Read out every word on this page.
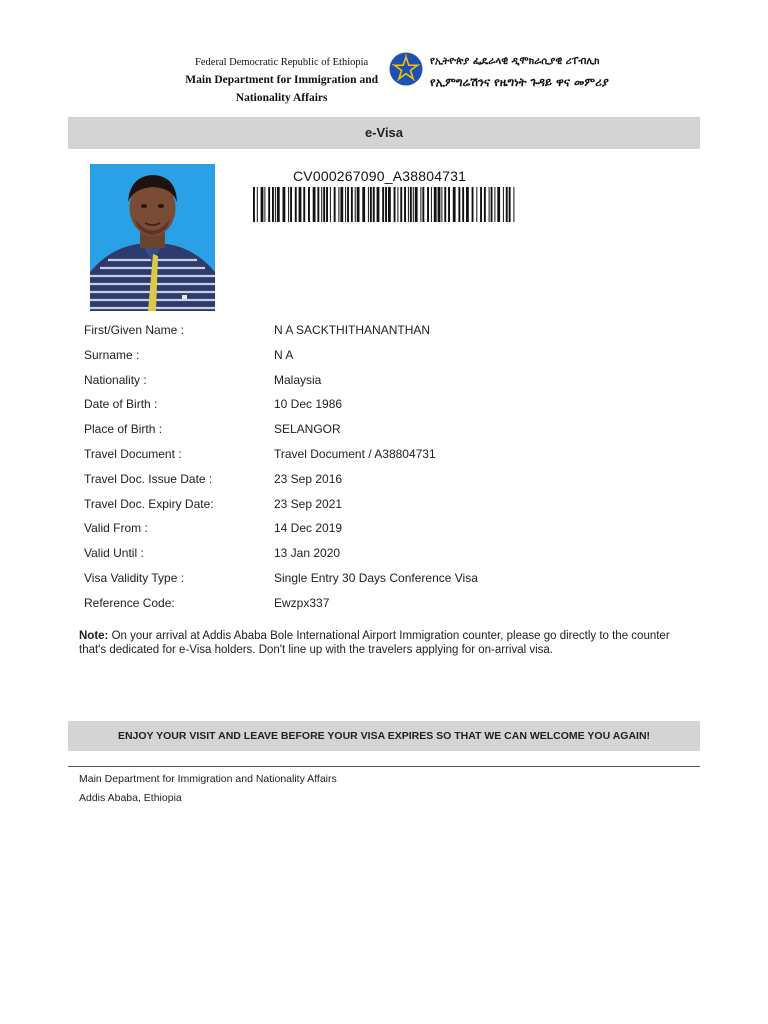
Federal Democratic Republic of Ethiopia
Main Department for Immigration and
Nationality Affairs
የኢትዮጵያ ፌዴራላዊ ዲሞክራሲያዊ ሪፐብሊክ
የኢምግሬሽንና የዜግነት ጉዳይ ዋና መምሪያ
e-Visa
CV000267090_A38804731
First/Given Name :	N A SACKTHITHANANTHAN
Surname :	N A
Nationality :	Malaysia
Date of Birth :	10 Dec 1986
Place of Birth :	SELANGOR
Travel Document :	Travel Document / A38804731
Travel Doc. Issue Date :	23 Sep 2016
Travel Doc. Expiry Date:	23 Sep 2021
Valid From :	14 Dec 2019
Valid Until :	13 Jan 2020
Visa Validity Type :	Single Entry 30 Days Conference Visa
Reference Code:	Ewzpx337
Note: On your arrival at Addis Ababa Bole International Airport Immigration counter, please go directly to the counter that's dedicated for e-Visa holders. Don't line up with the travelers applying for on-arrival visa.
ENJOY YOUR VISIT AND LEAVE BEFORE YOUR VISA EXPIRES SO THAT WE CAN WELCOME YOU AGAIN!
Main Department for Immigration and Nationality Affairs
Addis Ababa, Ethiopia
